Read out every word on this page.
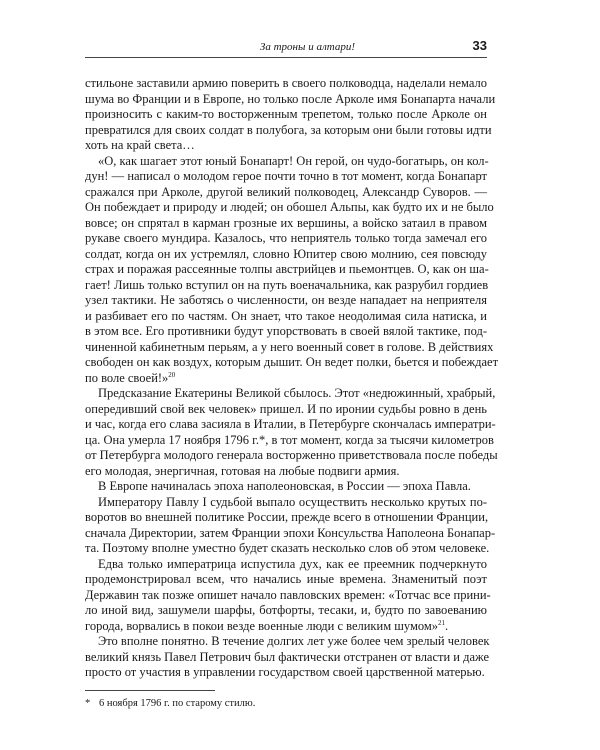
За троны и алтари!	33
стильоне заставили армию поверить в своего полководца, наделали немало
шума во Франции и в Европе, но только после Арколе имя Бонапарта начали
произносить с каким-то восторженным трепетом, только после Арколе он
превратился для своих солдат в полубога, за которым они были готовы идти
хоть на край света…
«О, как шагает этот юный Бонапарт! Он герой, он чудо-богатырь, он кол-
дун! — написал о молодом герое почти точно в тот момент, когда Бонапарт
сражался при Арколе, другой великий полководец, Александр Суворов. —
Он побеждает и природу и людей; он обошел Альпы, как будто их и не было
вовсе; он спрятал в карман грозные их вершины, а войско затаил в правом
рукаве своего мундира. Казалось, что неприятель только тогда замечал его
солдат, когда он их устремлял, словно Юпитер свою молнию, сея повсюду
страх и поражая рассеянные толпы австрийцев и пьемонтцев. О, как он ша-
гает! Лишь только вступил он на путь военачальника, как разрубил гордиев
узел тактики. Не заботясь о численности, он везде нападает на неприятеля
и разбивает его по частям. Он знает, что такое неодолимая сила натиска, и
в этом все. Его противники будут упорствовать в своей вялой тактике, под-
чиненной кабинетным перьям, а у него военный совет в голове. В действиях
свободен он как воздух, которым дышит. Он ведет полки, бьется и побеждает
по воле своей!»$^{20}$
Предсказание Екатерины Великой сбылось. Этот «недюжинный, храбрый,
опередивший свой век человек» пришел. И по иронии судьбы ровно в день
и час, когда его слава засияла в Италии, в Петербурге скончалась императри-
ца. Она умерла 17 ноября 1796 г.*, в тот момент, когда за тысячи километров
от Петербурга молодого генерала восторженно приветствовала после победы
его молодая, энергичная, готовая на любые подвиги армия.
В Европе начиналась эпоха наполеоновская, в России — эпоха Павла.
Императору Павлу I судьбой выпало осуществить несколько крутых по-
воротов во внешней политике России, прежде всего в отношении Франции,
сначала Директории, затем Франции эпохи Консульства Наполеона Бонапар-
та. Поэтому вполне уместно будет сказать несколько слов об этом человеке.
Едва только императрица испустила дух, как ее преемник подчеркнуто
продемонстрировал всем, что начались иные времена. Знаменитый поэт
Державин так позже опишет начало павловских времен: «Тотчас все прини-
ло иной вид, зашумели шарфы, ботфорты, тесаки, и, будто по завоеванию
города, ворвались в покои везде военные люди с великим шумом»$^{21}$.
Это вполне понятно. В течение долгих лет уже более чем зрелый человек
великий князь Павел Петрович был фактически отстранен от власти и даже
просто от участия в управлении государством своей царственной матерью.
* 6 ноября 1796 г. по старому стилю.
